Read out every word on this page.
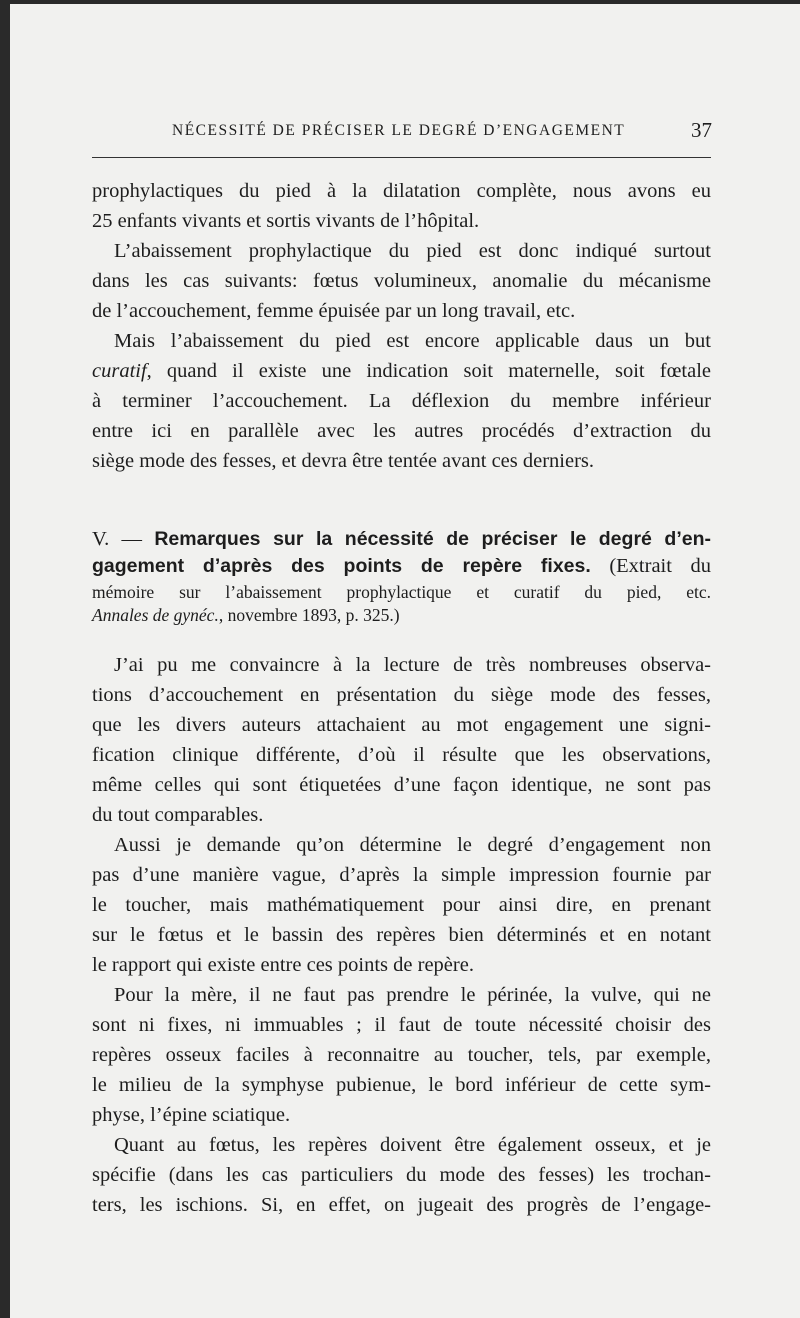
NÉCESSITÉ DE PRÉCISER LE DEGRÉ D’ENGAGEMENT	37
prophylactiques du pied à la dilatation complète, nous avons eu
25 enfants vivants et sortis vivants de l’hôpital.
L’abaissement prophylactique du pied est donc indiqué surtout
dans les cas suivants: fœtus volumineux, anomalie du mécanisme
de l’accouchement, femme épuisée par un long travail, etc.
Mais l’abaissement du pied est encore applicable daus un but
curatif, quand il existe une indication soit maternelle, soit fœtale
à terminer l’accouchement. La déflexion du membre inférieur
entre ici en parallèle avec les autres procédés d’extraction du
siège mode des fesses, et devra être tentée avant ces derniers.
V. — Remarques sur la nécessité de préciser le degré d’en-
gagement d’après des points de repère fixes. (Extrait du
mémoire sur l’abaissement prophylactique et curatif du pied, etc.
Annales de gynéc., novembre 1893, p. 325.)
J’ai pu me convaincre à la lecture de très nombreuses observa-
tions d’accouchement en présentation du siège mode des fesses,
que les divers auteurs attachaient au mot engagement une signi-
fication clinique différente, d’où il résulte que les observations,
même celles qui sont étiquetées d’une façon identique, ne sont pas
du tout comparables.
Aussi je demande qu’on détermine le degré d’engagement non
pas d’une manière vague, d’après la simple impression fournie par
le toucher, mais mathématiquement pour ainsi dire, en prenant
sur le fœtus et le bassin des repères bien déterminés et en notant
le rapport qui existe entre ces points de repère.
Pour la mère, il ne faut pas prendre le périnée, la vulve, qui ne
sont ni fixes, ni immuables ; il faut de toute nécessité choisir des
repères osseux faciles à reconnaitre au toucher, tels, par exemple,
le milieu de la symphyse pubienue, le bord inférieur de cette sym-
physe, l’épine sciatique.
Quant au fœtus, les repères doivent être également osseux, et je
spécifie (dans les cas particuliers du mode des fesses) les trochan-
ters, les ischions. Si, en effet, on jugeait des progrès de l’engage-
